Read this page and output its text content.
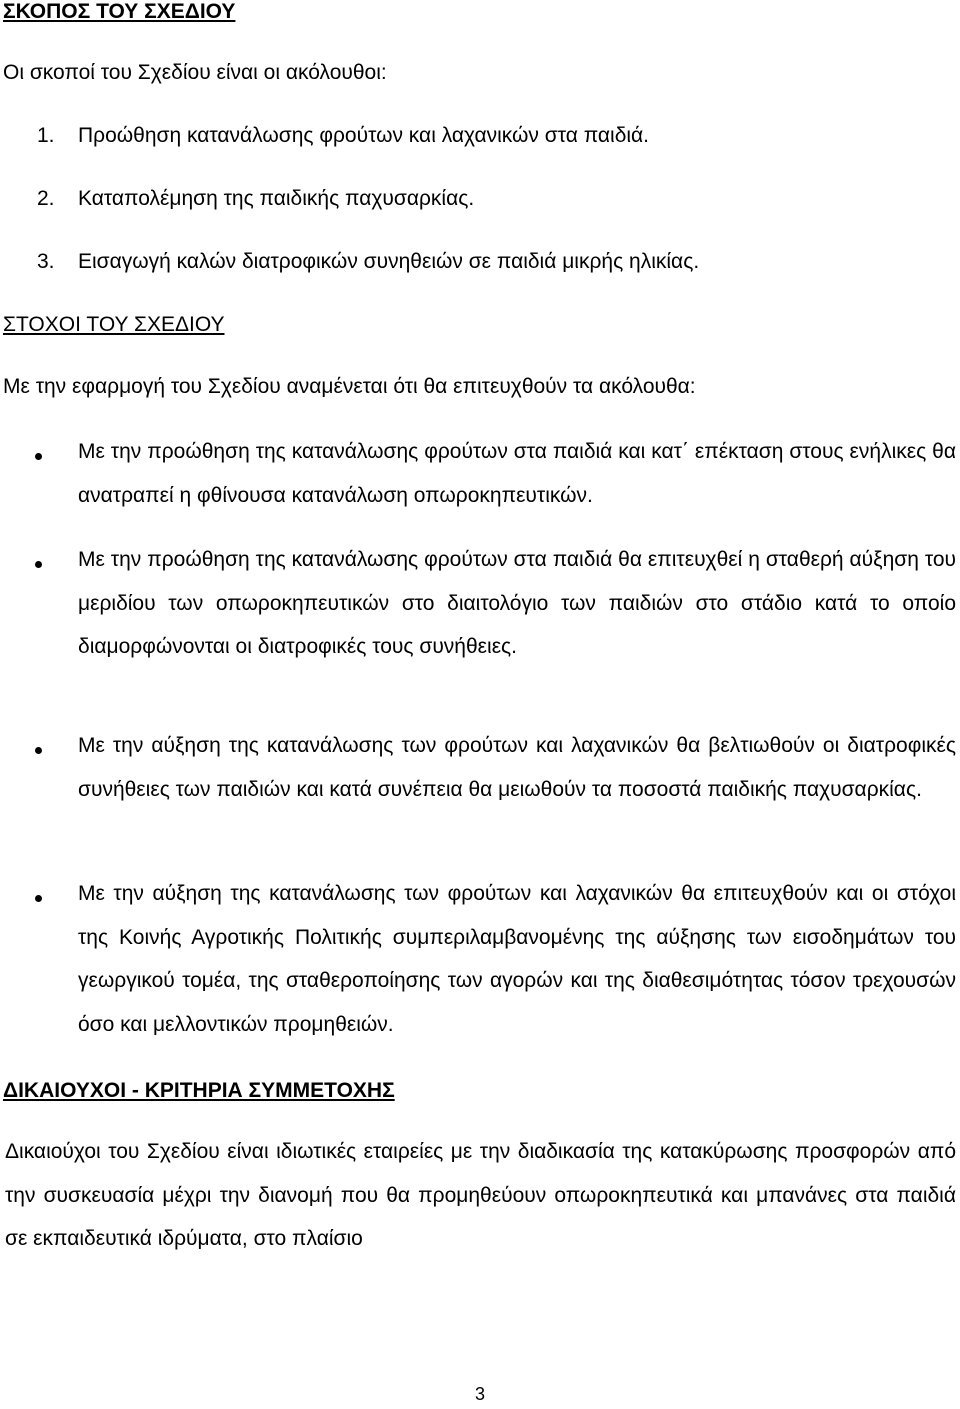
ΣΚΟΠΟΣ ΤΟΥ ΣΧΕΔΙΟΥ
Οι σκοποί του Σχεδίου είναι οι ακόλουθοι:
1. Προώθηση κατανάλωσης φρούτων και λαχανικών στα παιδιά.
2. Καταπολέμηση της παιδικής παχυσαρκίας.
3. Εισαγωγή καλών διατροφικών συνηθειών σε παιδιά μικρής ηλικίας.
ΣΤΟΧΟΙ ΤΟΥ ΣΧΕΔΙΟΥ
Με την εφαρμογή του Σχεδίου αναμένεται ότι θα επιτευχθούν τα ακόλουθα:
Με την προώθηση της κατανάλωσης φρούτων στα παιδιά και κατ΄ επέκταση στους ενήλικες θα ανατραπεί η φθίνουσα κατανάλωση οπωροκηπευτικών.
Με την προώθηση της κατανάλωσης φρούτων στα παιδιά θα επιτευχθεί η σταθερή αύξηση του μεριδίου των οπωροκηπευτικών στο διαιτολόγιο των παιδιών στο στάδιο κατά το οποίο διαμορφώνονται οι διατροφικές τους συνήθειες.
Με την αύξηση της κατανάλωσης των φρούτων και λαχανικών θα βελτιωθούν οι διατροφικές συνήθειες των παιδιών και κατά συνέπεια θα μειωθούν τα ποσοστά παιδικής παχυσαρκίας.
Με την αύξηση της κατανάλωσης των φρούτων και λαχανικών θα επιτευχθούν και οι στόχοι της Κοινής Αγροτικής Πολιτικής συμπεριλαμβανομένης της αύξησης των εισοδημάτων του γεωργικού τομέα, της σταθεροποίησης των αγορών και της διαθεσιμότητας τόσον τρεχουσών όσο και μελλοντικών προμηθειών.
ΔΙΚΑΙΟΥΧΟΙ - ΚΡΙΤΗΡΙΑ ΣΥΜΜΕΤΟΧΗΣ
Δικαιούχοι του Σχεδίου είναι ιδιωτικές εταιρείες με την διαδικασία της κατακύρωσης προσφορών από την συσκευασία μέχρι την διανομή που θα προμηθεύουν οπωροκηπευτικά και μπανάνες στα παιδιά σε εκπαιδευτικά ιδρύματα, στο πλαίσιο
3
